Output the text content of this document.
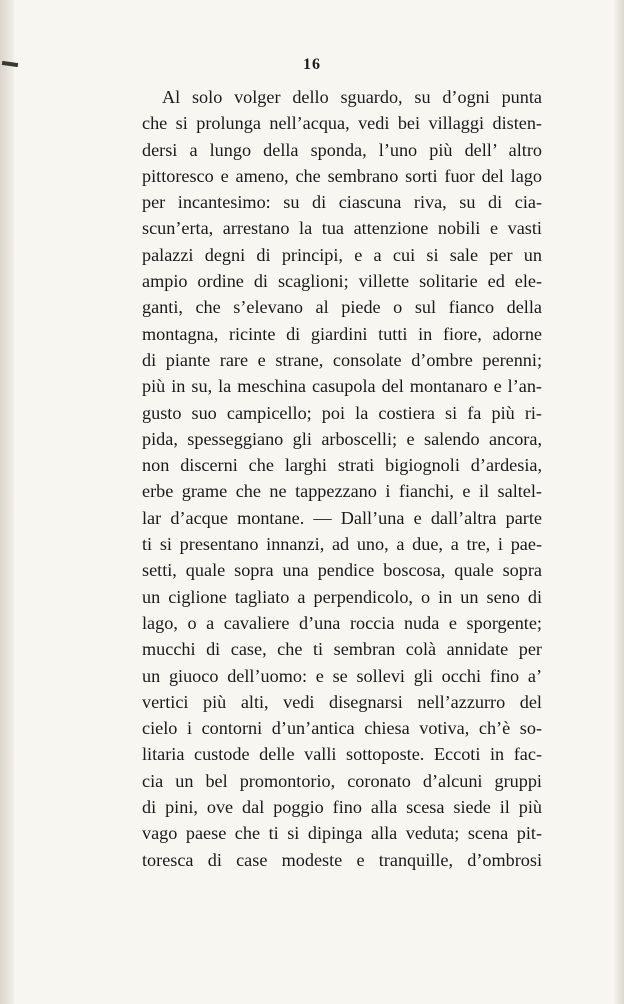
16
Al solo volger dello sguardo, su d’ogni punta
che si prolunga nell’acqua, vedi bei villaggi disten-
dersi a lungo della sponda, l’uno più dell’ altro
pittoresco e ameno, che sembrano sorti fuor del lago
per incantesimo: su di ciascuna riva, su di cia-
scun’erta, arrestano la tua attenzione nobili e vasti
palazzi degni di principi, e a cui si sale per un
ampio ordine di scaglioni; villette solitarie ed ele-
ganti, che s’elevano al piede o sul fianco della
montagna, ricinte di giardini tutti in fiore, adorne
di piante rare e strane, consolate d’ombre perenni;
più in su, la meschina casupola del montanaro e l’an-
gusto suo campicello; poi la costiera si fa più ri-
pida, spesseggiano gli arboscelli; e salendo ancora,
non discerni che larghi strati bigiognoli d’ardesia,
erbe grame che ne tappezzano i fianchi, e il saltel-
lar d’acque montane. — Dall’una e dall’altra parte
ti si presentano innanzi, ad uno, a due, a tre, i pae-
setti, quale sopra una pendice boscosa, quale sopra
un ciglione tagliato a perpendicolo, o in un seno di
lago, o a cavaliere d’una roccia nuda e sporgente;
mucchi di case, che ti sembran colà annidate per
un giuoco dell’uomo: e se sollevi gli occhi fino a’
vertici più alti, vedi disegnarsi nell’azzurro del
cielo i contorni d’un’antica chiesa votiva, ch’è so-
litaria custode delle valli sottoposte. Eccoti in fac-
cia un bel promontorio, coronato d’alcuni gruppi
di pini, ove dal poggio fino alla scesa siede il più
vago paese che ti si dipinga alla veduta; scena pit-
toresca di case modeste e tranquille, d’ombrosi
